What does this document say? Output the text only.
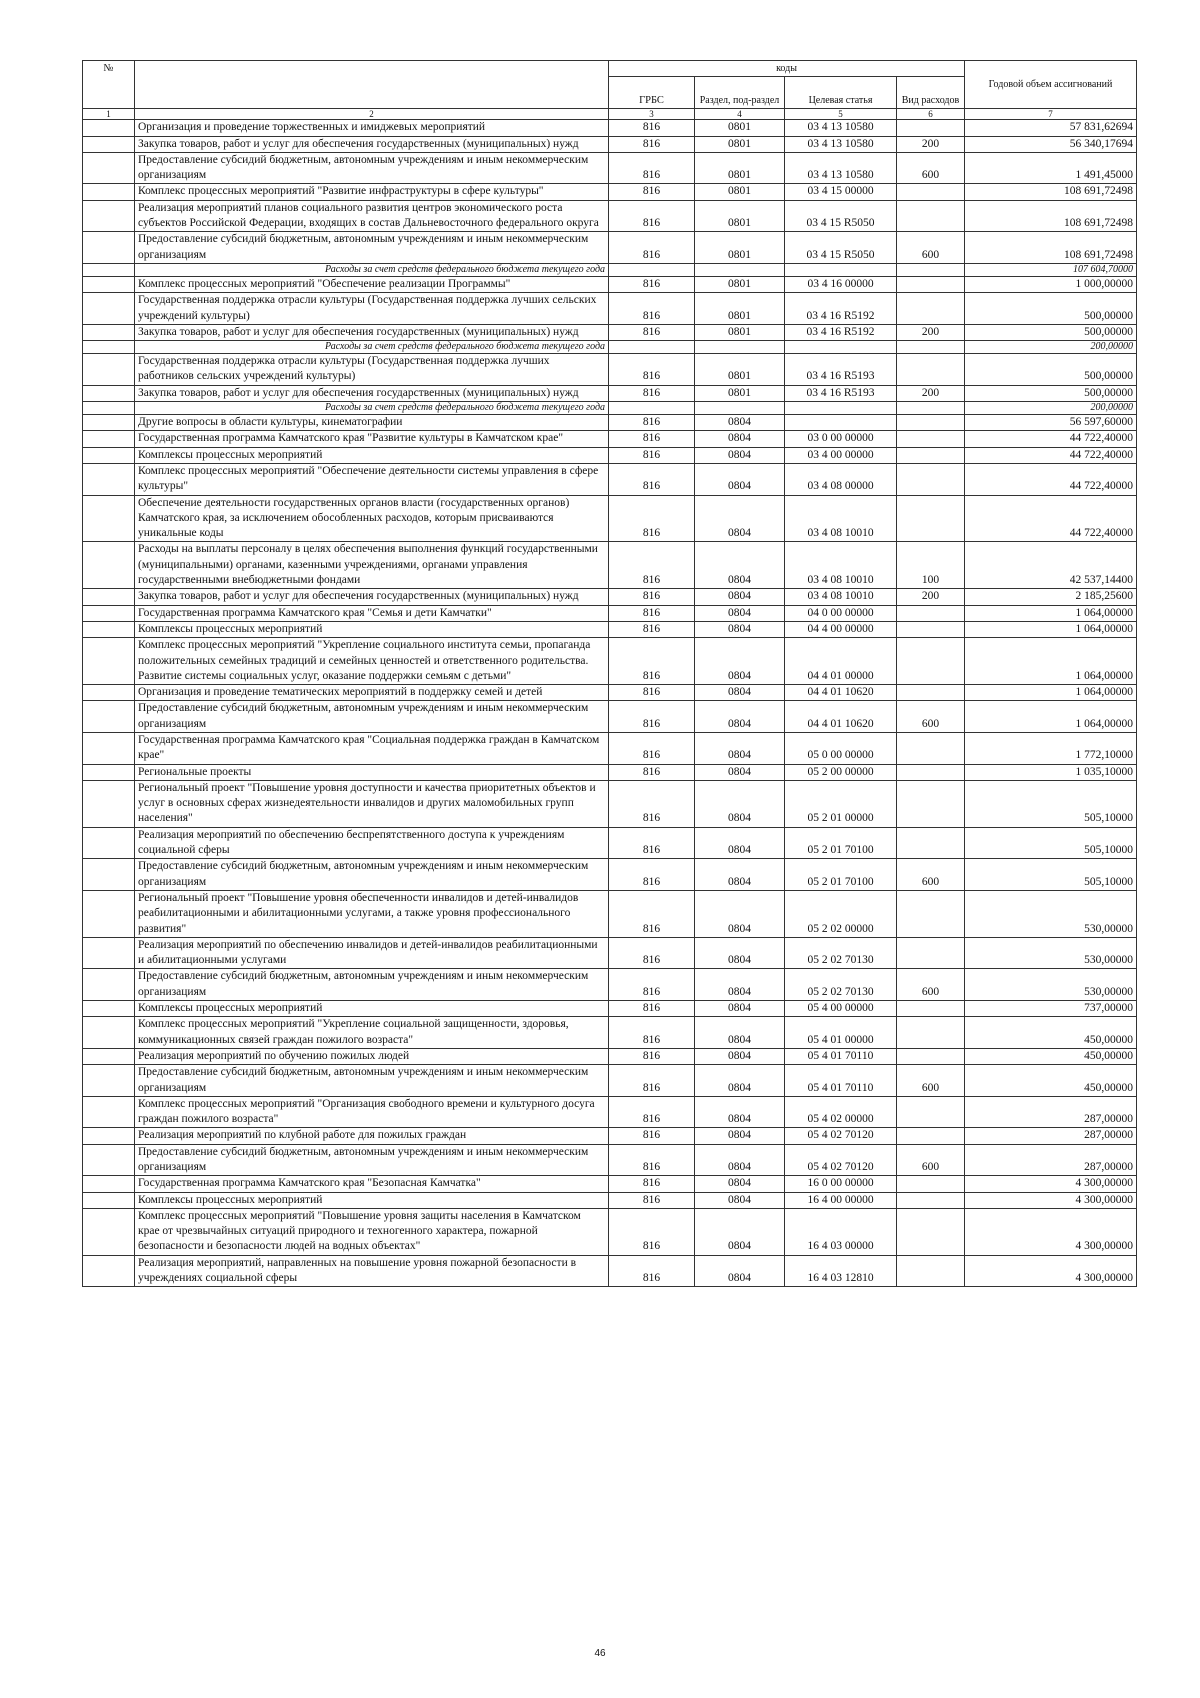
№		коды				Годовой объем ассигнований
		ГРБС	Раздел, под-раздел	Целевая статья	Вид расходов	
1	2	3	4	5	6	7
	Организация и проведение торжественных и имиджевых мероприятий	816	0801	03 4 13 10580		57 831,62694
	Закупка товаров, работ и услуг для обеспечения государственных (муниципальных) нужд	816	0801	03 4 13 10580	200	56 340,17694
	Предоставление субсидий бюджетным, автономным учреждениям и иным некоммерческим организациям	816	0801	03 4 13 10580	600	1 491,45000
	Комплекс процессных мероприятий "Развитие инфраструктуры в сфере культуры"	816	0801	03 4 15 00000		108 691,72498
	Реализация мероприятий планов социального развития центров экономического роста субъектов Российской Федерации, входящих в состав Дальневосточного федерального округа	816	0801	03 4 15 R5050		108 691,72498
	Предоставление субсидий бюджетным, автономным учреждениям и иным некоммерческим организациям	816	0801	03 4 15 R5050	600	108 691,72498
	Расходы за счет средств федерального бюджета текущего года					107 604,70000
	Комплекс процессных мероприятий "Обеспечение реализации Программы"	816	0801	03 4 16 00000		1 000,00000
	Государственная поддержка отрасли культуры (Государственная поддержка лучших сельских учреждений культуры)	816	0801	03 4 16 R5192		500,00000
	Закупка товаров, работ и услуг для обеспечения государственных (муниципальных) нужд	816	0801	03 4 16 R5192	200	500,00000
	Расходы за счет средств федерального бюджета текущего года					200,00000
	Государственная поддержка отрасли культуры (Государственная поддержка лучших работников сельских учреждений культуры)	816	0801	03 4 16 R5193		500,00000
	Закупка товаров, работ и услуг для обеспечения государственных (муниципальных) нужд	816	0801	03 4 16 R5193	200	500,00000
	Расходы за счет средств федерального бюджета текущего года					200,00000
	Другие вопросы в области культуры, кинематографии	816	0804			56 597,60000
	Государственная программа Камчатского края "Развитие культуры в Камчатском крае"	816	0804	03 0 00 00000		44 722,40000
	Комплексы процессных мероприятий	816	0804	03 4 00 00000		44 722,40000
	Комплекс процессных мероприятий "Обеспечение деятельности системы управления в сфере культуры"	816	0804	03 4 08 00000		44 722,40000
	Обеспечение деятельности государственных органов власти (государственных органов) Камчатского края, за исключением обособленных расходов, которым присваиваются уникальные коды	816	0804	03 4 08 10010		44 722,40000
	Расходы на выплаты персоналу в целях обеспечения выполнения функций государственными (муниципальными) органами, казенными учреждениями, органами управления государственными внебюджетными фондами	816	0804	03 4 08 10010	100	42 537,14400
	Закупка товаров, работ и услуг для обеспечения государственных (муниципальных) нужд	816	0804	03 4 08 10010	200	2 185,25600
	Государственная программа Камчатского края "Семья и дети Камчатки"	816	0804	04 0 00 00000		1 064,00000
	Комплексы процессных мероприятий	816	0804	04 4 00 00000		1 064,00000
	Комплекс процессных мероприятий "Укрепление социального института семьи, пропаганда положительных семейных традиций и семейных ценностей и ответственного родительства. Развитие системы социальных услуг, оказание поддержки семьям с детьми"	816	0804	04 4 01 00000		1 064,00000
	Организация и проведение тематических мероприятий в поддержку семей и детей	816	0804	04 4 01 10620		1 064,00000
	Предоставление субсидий бюджетным, автономным учреждениям и иным некоммерческим организациям	816	0804	04 4 01 10620	600	1 064,00000
	Государственная программа Камчатского края "Социальная поддержка граждан в Камчатском крае"	816	0804	05 0 00 00000		1 772,10000
	Региональные проекты	816	0804	05 2 00 00000		1 035,10000
	Региональный проект "Повышение уровня доступности и качества приоритетных объектов и услуг в основных сферах жизнедеятельности инвалидов и других маломобильных групп населения"	816	0804	05 2 01 00000		505,10000
	Реализация мероприятий по обеспечению беспрепятственного доступа к учреждениям социальной сферы	816	0804	05 2 01 70100		505,10000
	Предоставление субсидий бюджетным, автономным учреждениям и иным некоммерческим организациям	816	0804	05 2 01 70100	600	505,10000
	Региональный проект "Повышение уровня обеспеченности инвалидов и детей-инвалидов реабилитационными и абилитационными услугами, а также уровня профессионального развития"	816	0804	05 2 02 00000		530,00000
	Реализация мероприятий по обеспечению инвалидов и детей-инвалидов реабилитационными и абилитационными услугами	816	0804	05 2 02 70130		530,00000
	Предоставление субсидий бюджетным, автономным учреждениям и иным некоммерческим организациям	816	0804	05 2 02 70130	600	530,00000
	Комплексы процессных мероприятий	816	0804	05 4 00 00000		737,00000
	Комплекс процессных мероприятий "Укрепление социальной защищенности, здоровья, коммуникационных связей граждан пожилого возраста"	816	0804	05 4 01 00000		450,00000
	Реализация мероприятий по обучению пожилых людей	816	0804	05 4 01 70110		450,00000
	Предоставление субсидий бюджетным, автономным учреждениям и иным некоммерческим организациям	816	0804	05 4 01 70110	600	450,00000
	Комплекс процессных мероприятий "Организация свободного времени и культурного досуга граждан пожилого возраста"	816	0804	05 4 02 00000		287,00000
	Реализация мероприятий по клубной работе для пожилых граждан	816	0804	05 4 02 70120		287,00000
	Предоставление субсидий бюджетным, автономным учреждениям и иным некоммерческим организациям	816	0804	05 4 02 70120	600	287,00000
	Государственная программа Камчатского края "Безопасная Камчатка"	816	0804	16 0 00 00000		4 300,00000
	Комплексы процессных мероприятий	816	0804	16 4 00 00000		4 300,00000
	Комплекс процессных мероприятий "Повышение уровня защиты населения в Камчатском крае от чрезвычайных ситуаций природного и техногенного характера, пожарной безопасности и безопасности людей на водных объектах"	816	0804	16 4 03 00000		4 300,00000
	Реализация мероприятий, направленных на повышение уровня пожарной безопасности в учреждениях социальной сферы	816	0804	16 4 03 12810		4 300,00000
46
